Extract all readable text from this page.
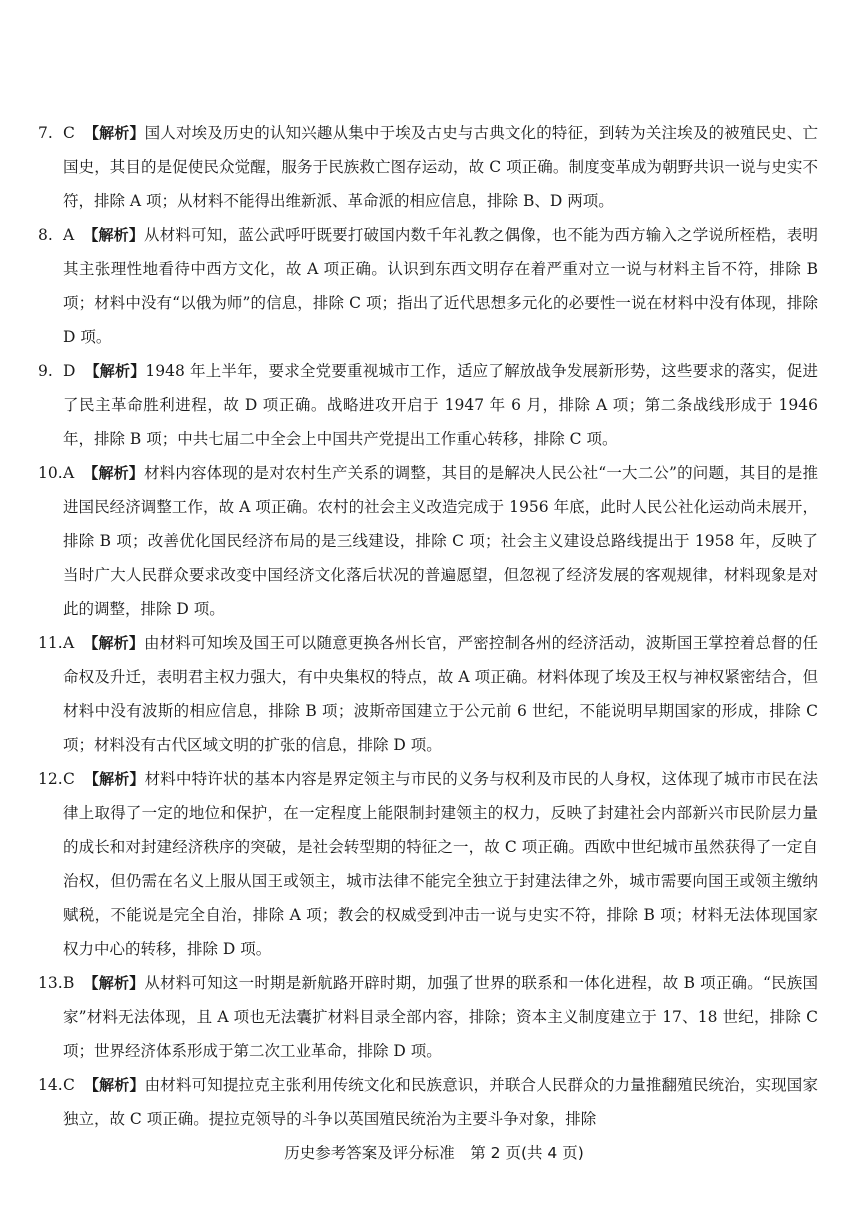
7. C 【解析】国人对埃及历史的认知兴趣从集中于埃及古史与古典文化的特征，到转为关注埃及的被殖民史、亡国史，其目的是促使民众觉醒，服务于民族救亡图存运动，故 C 项正确。制度变革成为朝野共识一说与史实不符，排除 A 项；从材料不能得出维新派、革命派的相应信息，排除 B、D 两项。

8. A 【解析】从材料可知，蓝公武呼吁既要打破国内数千年礼教之偶像，也不能为西方输入之学说所桎梏，表明其主张理性地看待中西方文化，故 A 项正确。认识到东西文明存在着严重对立一说与材料主旨不符，排除 B 项；材料中没有“以俄为师”的信息，排除 C 项；指出了近代思想多元化的必要性一说在材料中没有体现，排除 D 项。

9. D 【解析】1948 年上半年，要求全党要重视城市工作，适应了解放战争发展新形势，这些要求的落实，促进了民主革命胜利进程，故 D 项正确。战略进攻开启于 1947 年 6 月，排除 A 项；第二条战线形成于 1946 年，排除 B 项；中共七届二中全会上中国共产党提出工作重心转移，排除 C 项。

10.A 【解析】材料内容体现的是对农村生产关系的调整，其目的是解决人民公社“一大二公”的问题，其目的是推进国民经济调整工作，故 A 项正确。农村的社会主义改造完成于 1956 年底，此时人民公社化运动尚未展开，排除 B 项；改善优化国民经济布局的是三线建设，排除 C 项；社会主义建设总路线提出于 1958 年，反映了当时广大人民群众要求改变中国经济文化落后状况的普遍愿望，但忽视了经济发展的客观规律，材料现象是对此的调整，排除 D 项。

11.A 【解析】由材料可知埃及国王可以随意更换各州长官，严密控制各州的经济活动，波斯国王掌控着总督的任命权及升迁，表明君主权力强大，有中央集权的特点，故 A 项正确。材料体现了埃及王权与神权紧密结合，但材料中没有波斯的相应信息，排除 B 项；波斯帝国建立于公元前 6 世纪，不能说明早期国家的形成，排除 C 项；材料没有古代区域文明的扩张的信息，排除 D 项。

12.C 【解析】材料中特许状的基本内容是界定领主与市民的义务与权利及市民的人身权，这体现了城市市民在法律上取得了一定的地位和保护，在一定程度上能限制封建领主的权力，反映了封建社会内部新兴市民阶层力量的成长和对封建经济秩序的突破，是社会转型期的特征之一，故 C 项正确。西欧中世纪城市虽然获得了一定自治权，但仍需在名义上服从国王或领主，城市法律不能完全独立于封建法律之外，城市需要向国王或领主缴纳赋税，不能说是完全自治，排除 A 项；教会的权威受到冲击一说与史实不符，排除 B 项；材料无法体现国家权力中心的转移，排除 D 项。

13.B 【解析】从材料可知这一时期是新航路开辟时期，加强了世界的联系和一体化进程，故 B 项正确。“民族国家”材料无法体现，且 A 项也无法囊扩材料目录全部内容，排除；资本主义制度建立于 17、18 世纪，排除 C 项；世界经济体系形成于第二次工业革命，排除 D 项。

14.C 【解析】由材料可知提拉克主张利用传统文化和民族意识，并联合人民群众的力量推翻殖民统治，实现国家独立，故 C 项正确。提拉克领导的斗争以英国殖民统治为主要斗争对象，排除

历史参考答案及评分标准　第 2 页(共 4 页)
